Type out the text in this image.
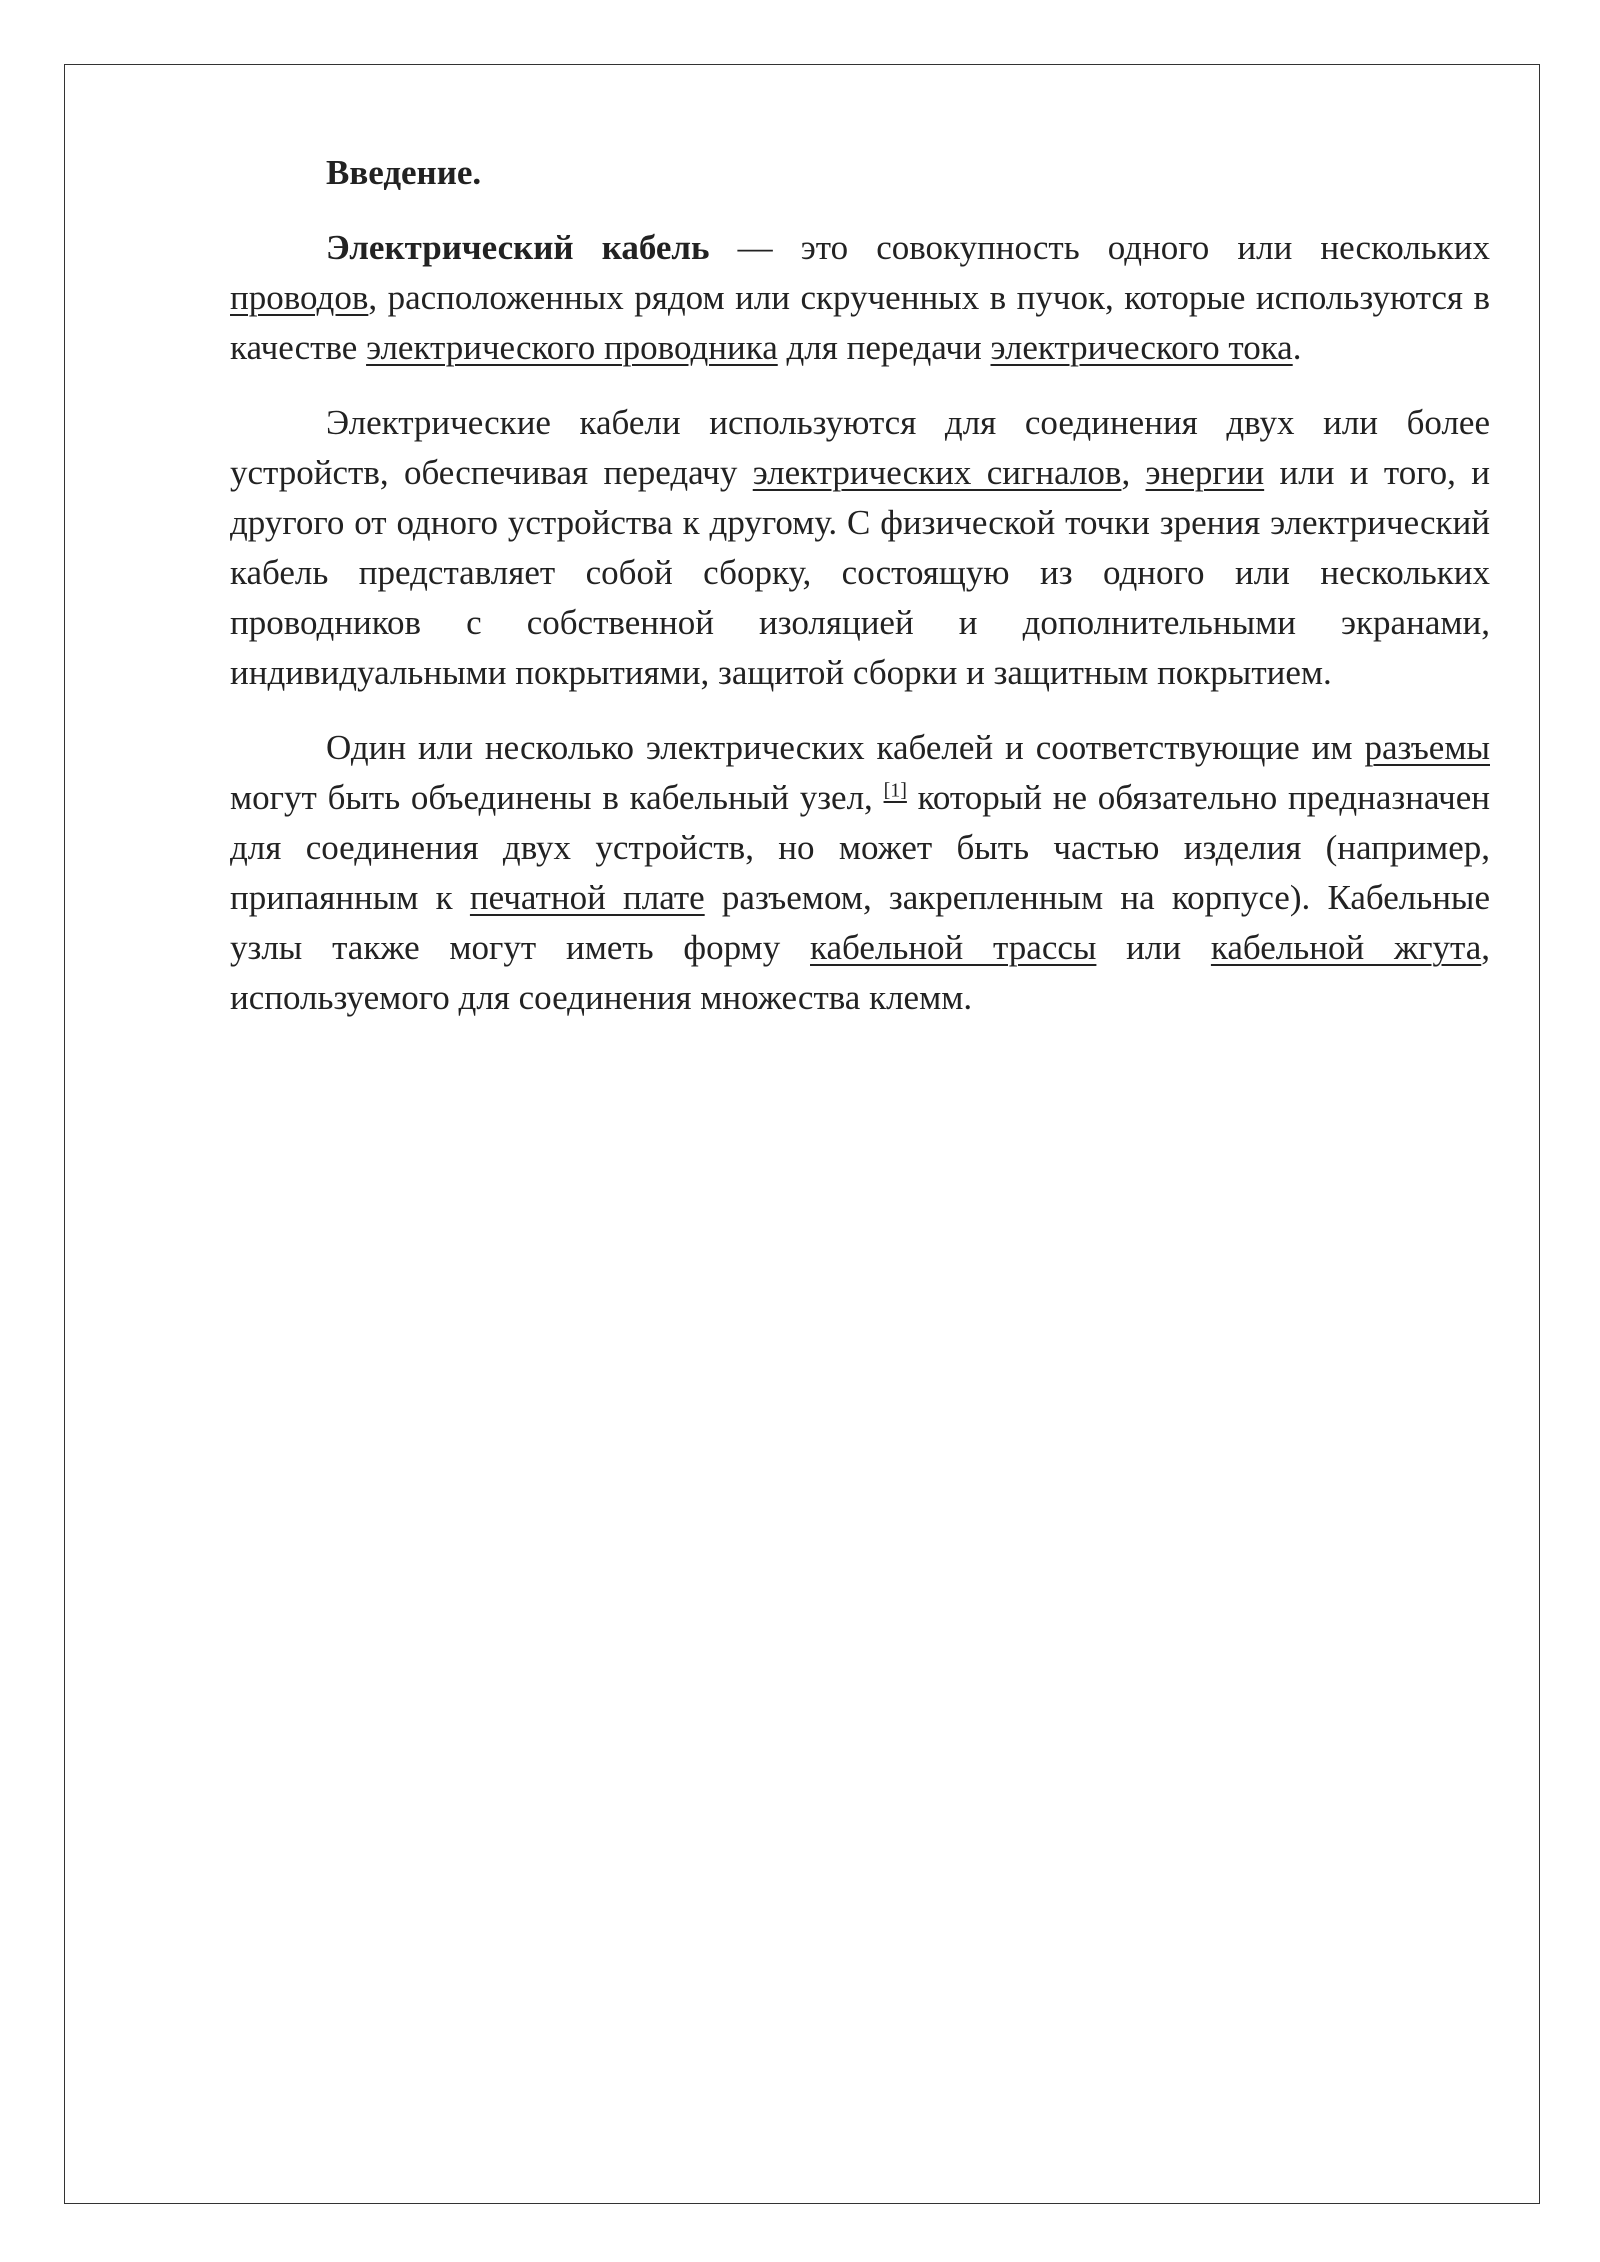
Введение.

Электрический кабель — это совокупность одного или нескольких проводов, расположенных рядом или скрученных в пучок, которые используются в качестве электрического проводника для передачи электрического тока.

Электрические кабели используются для соединения двух или более устройств, обеспечивая передачу электрических сигналов, энергии или и того, и другого от одного устройства к другому. С физической точки зрения электрический кабель представляет собой сборку, состоящую из одного или нескольких проводников с собственной изоляцией и дополнительными экранами, индивидуальными покрытиями, защитой сборки и защитным покрытием.

Один или несколько электрических кабелей и соответствующие им разъемы могут быть объединены в кабельный узел, [1] который не обязательно предназначен для соединения двух устройств, но может быть частью изделия (например, припаянным к печатной плате разъемом, закрепленным на корпусе). Кабельные узлы также могут иметь форму кабельной трассы или кабельной жгута, используемого для соединения множества клемм.
